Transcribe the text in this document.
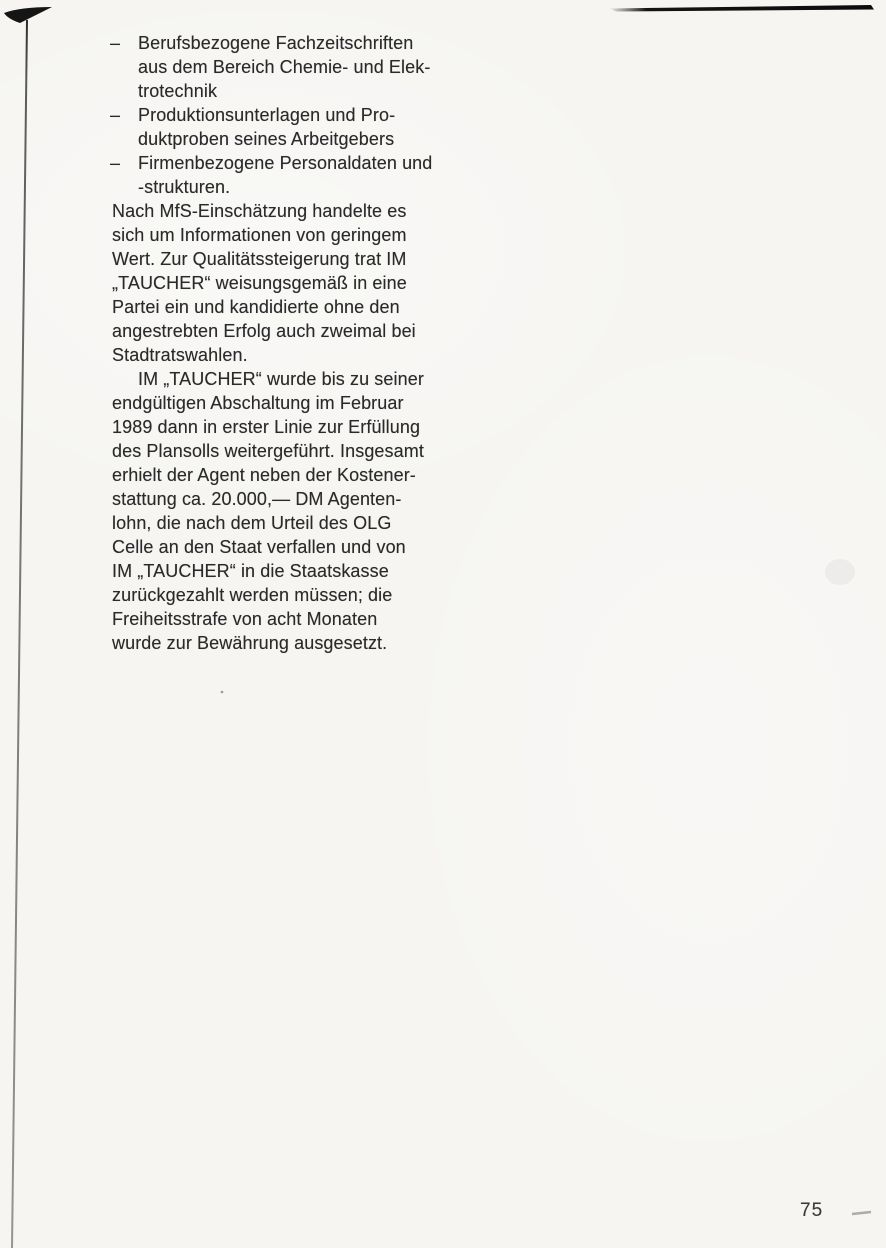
– Berufsbezogene Fachzeitschriften
aus dem Bereich Chemie- und Elek-
trotechnik
– Produktionsunterlagen und Pro-
duktproben seines Arbeitgebers
– Firmenbezogene Personaldaten und
-strukturen.
Nach MfS-Einschätzung handelte es
sich um Informationen von geringem
Wert. Zur Qualitätssteigerung trat IM
„TAUCHER“ weisungsgemäß in eine
Partei ein und kandidierte ohne den
angestrebten Erfolg auch zweimal bei
Stadtratswahlen.
IM „TAUCHER“ wurde bis zu seiner
endgültigen Abschaltung im Februar
1989 dann in erster Linie zur Erfüllung
des Plansolls weitergeführt. Insgesamt
erhielt der Agent neben der Kostener-
stattung ca. 20.000,— DM Agenten-
lohn, die nach dem Urteil des OLG
Celle an den Staat verfallen und von
IM „TAUCHER“ in die Staatskasse
zurückgezahlt werden müssen; die
Freiheitsstrafe von acht Monaten
wurde zur Bewährung ausgesetzt.
75
